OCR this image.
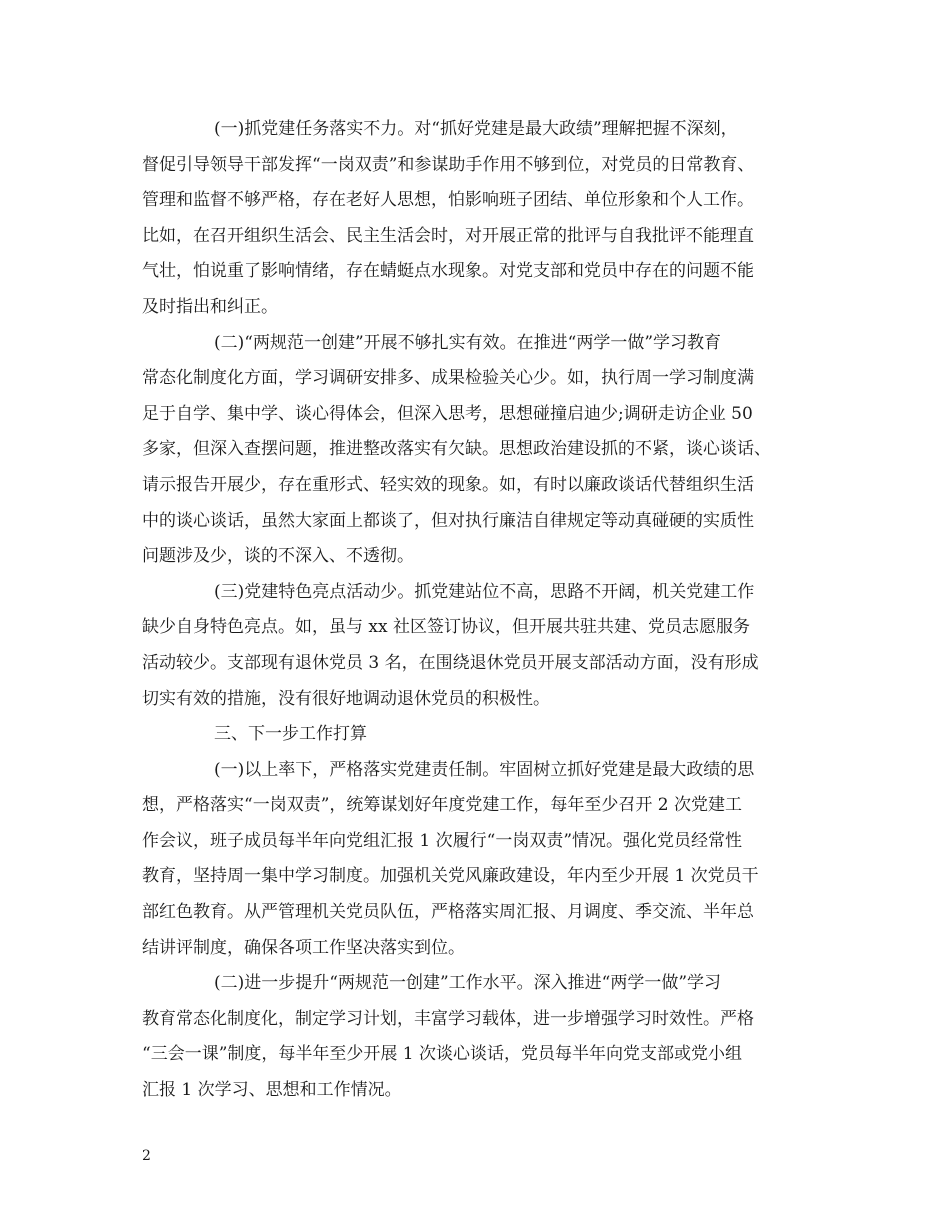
(一)抓党建任务落实不力。对“抓好党建是最大政绩”理解把握不深刻，
督促引导领导干部发挥“一岗双责”和参谋助手作用不够到位，对党员的日常教育、
管理和监督不够严格，存在老好人思想，怕影响班子团结、单位形象和个人工作。
比如，在召开组织生活会、民主生活会时，对开展正常的批评与自我批评不能理直
气壮，怕说重了影响情绪，存在蜻蜓点水现象。对党支部和党员中存在的问题不能
及时指出和纠正。
(二)“两规范一创建”开展不够扎实有效。在推进“两学一做”学习教育
常态化制度化方面，学习调研安排多、成果检验关心少。如，执行周一学习制度满
足于自学、集中学、谈心得体会，但深入思考，思想碰撞启迪少;调研走访企业 50
多家，但深入查摆问题，推进整改落实有欠缺。思想政治建设抓的不紧，谈心谈话、
请示报告开展少，存在重形式、轻实效的现象。如，有时以廉政谈话代替组织生活
中的谈心谈话，虽然大家面上都谈了，但对执行廉洁自律规定等动真碰硬的实质性
问题涉及少，谈的不深入、不透彻。
(三)党建特色亮点活动少。抓党建站位不高，思路不开阔，机关党建工作
缺少自身特色亮点。如，虽与 xx 社区签订协议，但开展共驻共建、党员志愿服务
活动较少。支部现有退休党员 3 名，在围绕退休党员开展支部活动方面，没有形成
切实有效的措施，没有很好地调动退休党员的积极性。
三、下一步工作打算
(一)以上率下，严格落实党建责任制。牢固树立抓好党建是最大政绩的思
想，严格落实“一岗双责”，统筹谋划好年度党建工作，每年至少召开 2 次党建工
作会议，班子成员每半年向党组汇报 1 次履行“一岗双责”情况。强化党员经常性
教育，坚持周一集中学习制度。加强机关党风廉政建设，年内至少开展 1 次党员干
部红色教育。从严管理机关党员队伍，严格落实周汇报、月调度、季交流、半年总
结讲评制度，确保各项工作坚决落实到位。
(二)进一步提升“两规范一创建”工作水平。深入推进“两学一做”学习
教育常态化制度化，制定学习计划，丰富学习载体，进一步增强学习时效性。严格
“三会一课”制度，每半年至少开展 1 次谈心谈话，党员每半年向党支部或党小组
汇报 1 次学习、思想和工作情况。
2
